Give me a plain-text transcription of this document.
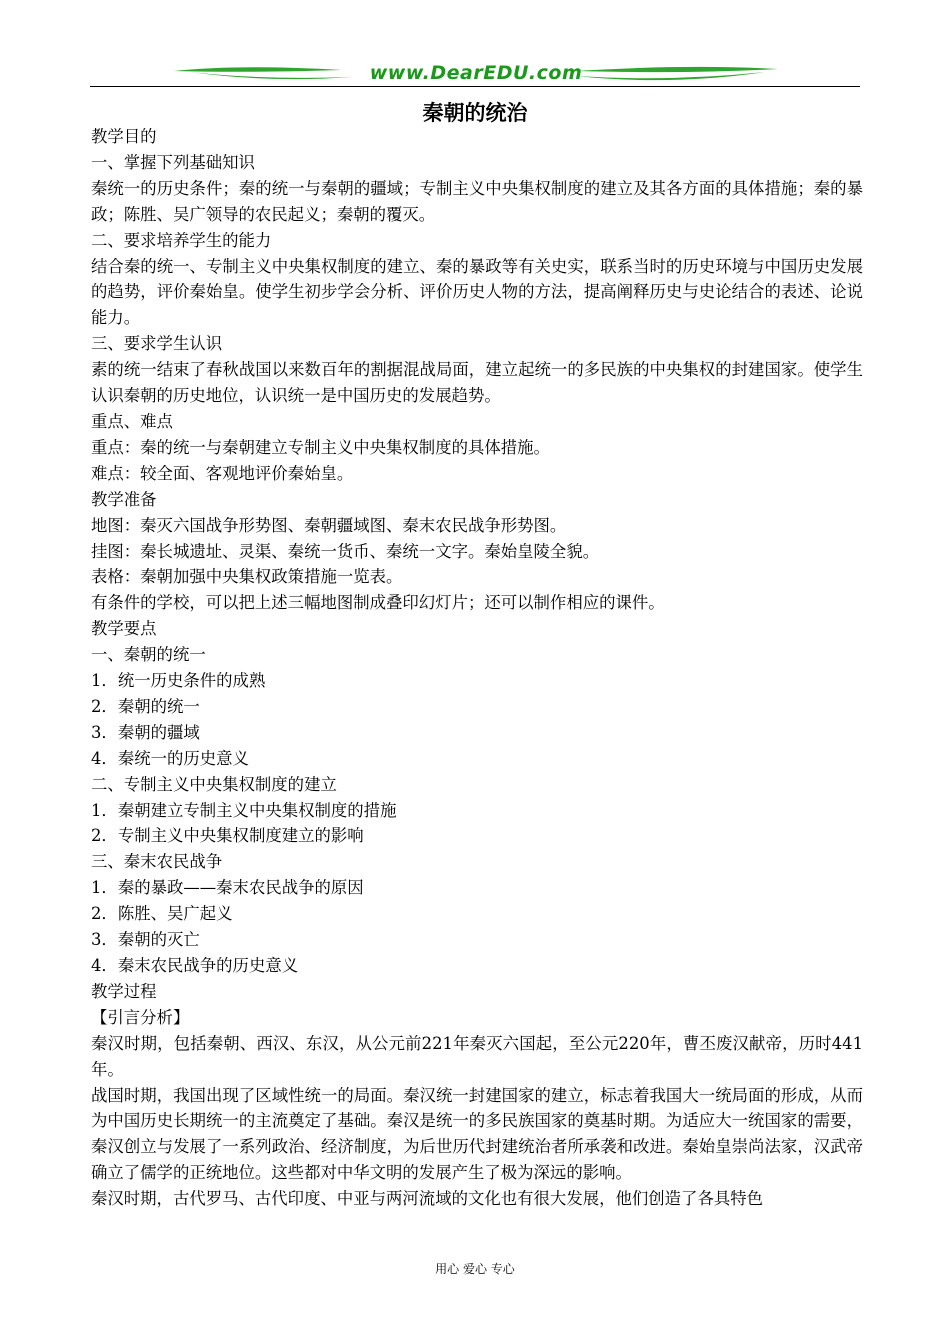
www.DearEDU.com
秦朝的统治

教学目的

一、掌握下列基础知识

秦统一的历史条件；秦的统一与秦朝的疆域；专制主义中央集权制度的建立及其各方面的具体措施；秦的暴政；陈胜、吴广领导的农民起义；秦朝的覆灭。

二、要求培养学生的能力

结合秦的统一、专制主义中央集权制度的建立、秦的暴政等有关史实，联系当时的历史环境与中国历史发展的趋势，评价秦始皇。使学生初步学会分析、评价历史人物的方法，提高阐释历史与史论结合的表述、论说能力。

三、要求学生认识

素的统一结束了春秋战国以来数百年的割据混战局面，建立起统一的多民族的中央集权的封建国家。使学生认识秦朝的历史地位，认识统一是中国历史的发展趋势。

重点、难点

重点：秦的统一与秦朝建立专制主义中央集权制度的具体措施。

难点：较全面、客观地评价秦始皇。

教学准备

地图：秦灭六国战争形势图、秦朝疆域图、秦末农民战争形势图。

挂图：秦长城遗址、灵渠、秦统一货币、秦统一文字。秦始皇陵全貌。

表格：秦朝加强中央集权政策措施一览表。

有条件的学校，可以把上述三幅地图制成叠印幻灯片；还可以制作相应的课件。

教学要点

一、秦朝的统一

1．统一历史条件的成熟

2．秦朝的统一

3．秦朝的疆域

4．秦统一的历史意义

二、专制主义中央集权制度的建立

1．秦朝建立专制主义中央集权制度的措施

2．专制主义中央集权制度建立的影响

三、秦末农民战争

1．秦的暴政——秦末农民战争的原因

2．陈胜、吴广起义

3．秦朝的灭亡

4．秦末农民战争的历史意义

教学过程

【引言分析】

秦汉时期，包括秦朝、西汉、东汉，从公元前221年秦灭六国起，至公元220年，曹丕废汉献帝，历时441年。

战国时期，我国出现了区域性统一的局面。秦汉统一封建国家的建立，标志着我国大一统局面的形成，从而为中国历史长期统一的主流奠定了基础。秦汉是统一的多民族国家的奠基时期。为适应大一统国家的需要，秦汉创立与发展了一系列政治、经济制度，为后世历代封建统治者所承袭和改进。秦始皇崇尚法家，汉武帝确立了儒学的正统地位。这些都对中华文明的发展产生了极为深远的影响。

秦汉时期，古代罗马、古代印度、中亚与两河流域的文化也有很大发展，他们创造了各具特色

用心 爱心 专心
